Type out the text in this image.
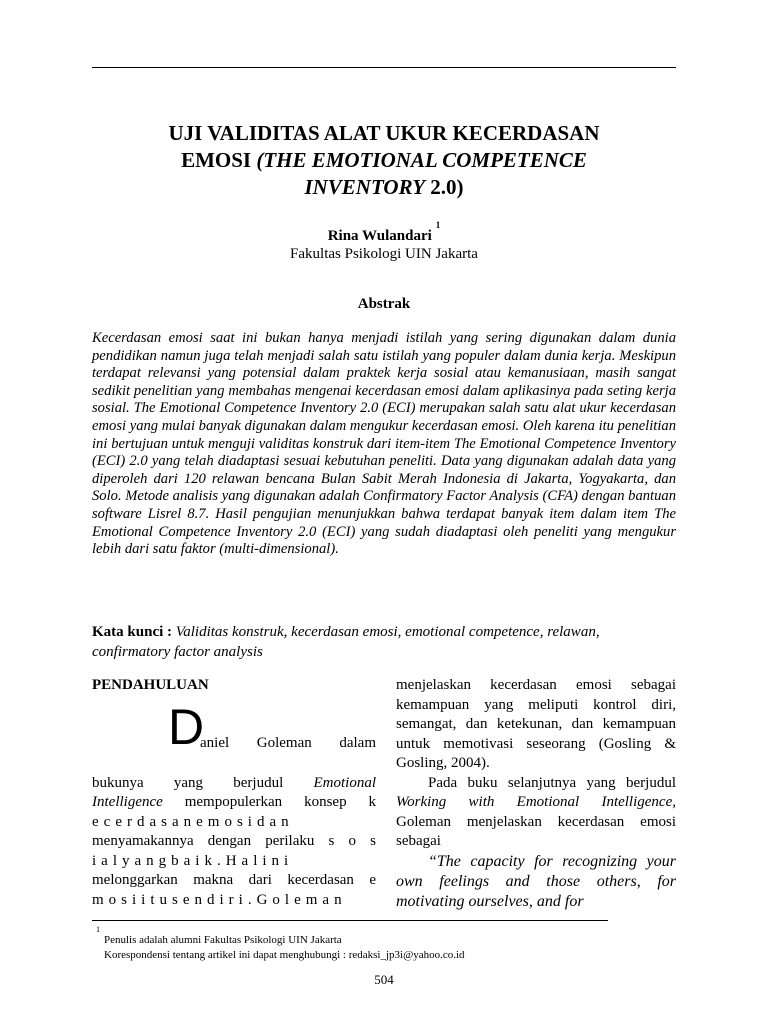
UJI VALIDITAS ALAT UKUR KECERDASAN
EMOSI (THE EMOTIONAL COMPETENCE
INVENTORY 2.0)
Rina Wulandari$^1$
Fakultas Psikologi UIN Jakarta
Abstrak
Kecerdasan emosi saat ini bukan hanya menjadi istilah yang sering digunakan dalam dunia pendidikan namun juga telah menjadi salah satu istilah yang populer dalam dunia kerja. Meskipun terdapat relevansi yang potensial dalam praktek kerja sosial atau kemanusiaan, masih sangat sedikit penelitian yang membahas mengenai kecerdasan emosi dalam aplikasinya pada seting kerja sosial. The Emotional Competence Inventory 2.0 (ECI) merupakan salah satu alat ukur kecerdasan emosi yang mulai banyak digunakan dalam mengukur kecerdasan emosi. Oleh karena itu penelitian ini bertujuan untuk menguji validitas konstruk dari item-item The Emotional Competence Inventory (ECI) 2.0 yang telah diadaptasi sesuai kebutuhan peneliti. Data yang digunakan adalah data yang diperoleh dari 120 relawan bencana Bulan Sabit Merah Indonesia di Jakarta, Yogyakarta, dan Solo. Metode analisis yang digunakan adalah Confirmatory Factor Analysis (CFA) dengan bantuan software Lisrel 8.7. Hasil pengujian menunjukkan bahwa terdapat banyak item dalam item The Emotional Competence Inventory 2.0 (ECI) yang sudah diadaptasi oleh peneliti yang mengukur lebih dari satu faktor (multi-dimensional).
Kata kunci : Validitas konstruk, kecerdasan emosi, emotional competence, relawan, confirmatory factor analysis
PENDAHULUAN
D
aniel Goleman dalam

bukunya yang berjudul Emotional

Intelligence mempopulerkan konsep k

ecerdasanemosidan

menyamakannya dengan perilaku s o s

ialyangbaik.Halini

melonggarkan makna dari kecerdasan e

mosiitusendiri.Goleman

menjelaskan kecerdasan emosi sebagai kemampuan yang meliputi kontrol diri, semangat, dan ketekunan, dan kemampuan untuk memotivasi seseorang (Gosling & Gosling, 2004).

Pada buku selanjutnya yang berjudul Working with Emotional Intelligence, Goleman menjelaskan kecerdasan emosi sebagai

“The capacity for recognizing your own feelings and those others, for motivating ourselves, and for

1
Penulis adalah alumni Fakultas Psikologi UIN Jakarta
Korespondensi tentang artikel ini dapat menghubungi : redaksi_jp3i@yahoo.co.id
504
